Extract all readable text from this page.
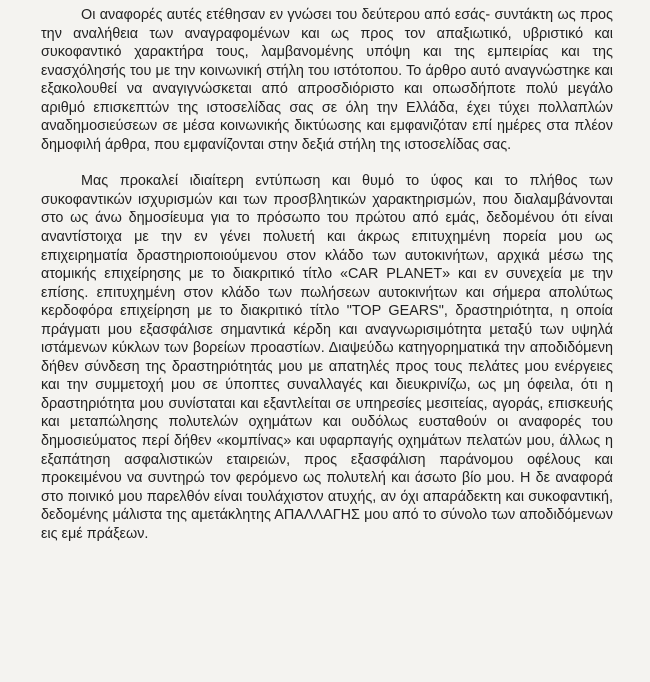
Οι αναφορές αυτές ετέθησαν εν γνώσει του δεύτερου από εσάς- συντάκτη ως προς την αναλήθεια των αναγραφομένων και ως προς τον απαξιωτικό, υβριστικό και συκοφαντικό χαρακτήρα τους, λαμβανομένης υπόψη και της εμπειρίας και της ενασχόλησής του με την κοινωνική στήλη του ιστότοπου. Το άρθρο αυτό αναγνώστηκε και εξακολουθεί να αναγιγνώσκεται από απροσδιόριστο και οπωσδήποτε πολύ μεγάλο αριθμό επισκεπτών της ιστοσελίδας σας σε όλη την Ελλάδα, έχει τύχει πολλαπλών αναδημοσιεύσεων σε μέσα κοινωνικής δικτύωσης και εμφανιζόταν επί ημέρες στα πλέον δημοφιλή άρθρα, που εμφανίζονται στην δεξιά στήλη της ιστοσελίδας σας.

Μας προκαλεί ιδιαίτερη εντύπωση και θυμό το ύφος και το πλήθος των συκοφαντικών ισχυρισμών και των προσβλητικών χαρακτηρισμών, που διαλαμβάνονται στο ως άνω δημοσίευμα για το πρόσωπο του πρώτου από εμάς, δεδομένου ότι είναι αναντίστοιχα με την εν γένει πολυετή και άκρως επιτυχημένη πορεία μου ως επιχειρηματία δραστηριοποιούμενου στον κλάδο των αυτοκινήτων, αρχικά μέσω της ατομικής επιχείρησης με το διακριτικό τίτλο «CAR PLANET» και εν συνεχεία με την επίσης. επιτυχημένη στον κλάδο των πωλήσεων αυτοκινήτων και σήμερα απολύτως κερδοφόρα επιχείρηση με το διακριτικό τίτλο "TOP GEARS", δραστηριότητα, η οποία πράγματι μου εξασφάλισε σημαντικά κέρδη και αναγνωρισιμότητα μεταξύ των υψηλά ιστάμενων κύκλων των βορείων προαστίων. Διαψεύδω κατηγορηματικά την αποδιδόμενη δήθεν σύνδεση της δραστηριότητάς μου με απατηλές προς τους πελάτες μου ενέργειες και την συμμετοχή μου σε ύποπτες συναλλαγές και διευκρινίζω, ως μη όφειλα, ότι η δραστηριότητα μου συνίσταται και εξαντλείται σε υπηρεσίες μεσιτείας, αγοράς, επισκευής και μεταπώλησης πολυτελών οχημάτων και ουδόλως ευσταθούν οι αναφορές του δημοσιεύματος περί δήθεν «κομπίνας» και υφαρπαγής οχημάτων πελατών μου, άλλως η εξαπάτηση ασφαλιστικών εταιρειών, προς εξασφάλιση παράνομου οφέλους και προκειμένου να συντηρώ τον φερόμενο ως πολυτελή και άσωτο βίο μου. Η δε αναφορά στο ποινικό μου παρελθόν είναι τουλάχιστον ατυχής, αν όχι απαράδεκτη και συκοφαντική, δεδομένης μάλιστα της αμετάκλητης ΑΠΑΛΛΑΓΗΣ μου από το σύνολο των αποδιδόμενων εις εμέ πράξεων.
